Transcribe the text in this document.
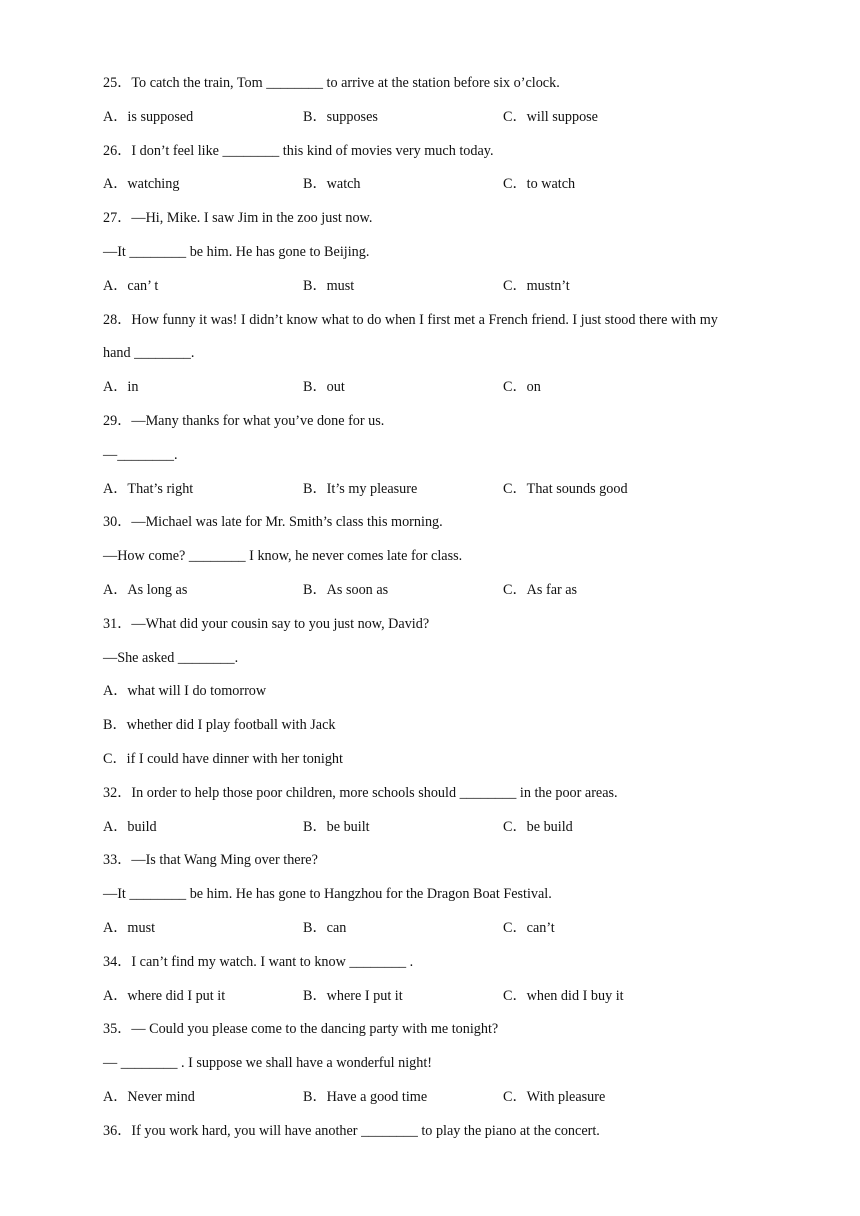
25．To catch the train, Tom ________ to arrive at the station before six o’clock.
A．is supposed	B．supposes	C．will suppose
26．I don’t feel like ________ this kind of movies very much today.
A．watching	B．watch	C．to watch
27．—Hi, Mike. I saw Jim in the zoo just now.
—It ________ be him. He has gone to Beijing.
A．can’ t	B．must	C．mustn’t
28．How funny it was! I didn’t know what to do when I first met a French friend. I just stood there with my
hand ________.
A．in	B．out	C．on
29．—Many thanks for what you’ve done for us.
—________.
A．That’s right	B．It’s my pleasure	C．That sounds good
30．—Michael was late for Mr. Smith’s class this morning.
—How come? ________ I know, he never comes late for class.
A．As long as	B．As soon as	C．As far as
31．—What did your cousin say to you just now, David?
—She asked ________.
A．what will I do tomorrow
B．whether did I play football with Jack
C．if I could have dinner with her tonight
32．In order to help those poor children, more schools should ________ in the poor areas.
A．build	B．be built	C．be build
33．—Is that Wang Ming over there?
—It ________ be him. He has gone to Hangzhou for the Dragon Boat Festival.
A．must	B．can	C．can’t
34．I can’t find my watch. I want to know ________ .
A．where did I put it	B．where I put it	C．when did I buy it
35．— Could you please come to the dancing party with me tonight?
— ________ . I suppose we shall have a wonderful night!
A．Never mind	B．Have a good time	C．With pleasure
36．If you work hard, you will have another ________ to play the piano at the concert.
